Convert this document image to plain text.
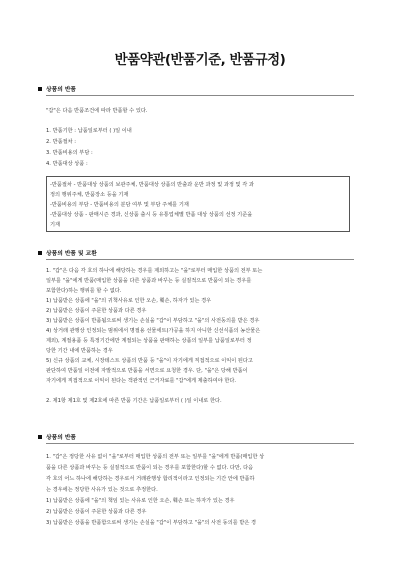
반품약관(반품기준, 반품규정)
상품의 반품
"갑"은 다음 반품조건에 따라 반품할 수 있다.
1. 반품기한 : 납품일로부터 ( )일 이내
2. 반품절차 :
3. 반품비용의 부담 :
4. 반품대상 상품 :
-반품절차 - 반품대상 상품의 보관주체, 반품대상 상품의 반출과 운반 과정 및 과정 및 각 과
정의 행위주체, 반품장소 등을 기재
-반품비용의 부담 - 반품비용의 분담 여부 및 부담 주체를 기재
-반품대상 상품 - 판매시즌 경과, 신상품 출시 등 유통업체별 반품 대상 상품의 선정 기준을
기재
상품의 반품 및 교환
1. "갑"은 다음 각 호의 하나에 해당하는 경우를 제외하고는 "을"로부터 매입한 상품의 전부 또는
일부를 "을"에게 반품(매입한 상품을 다른 상품과 바꾸는 등 실질적으로 반품이 되는 경우를
포함한다)하는 행위를 할 수 없다.
1) 납품받은 상품에 "을"의 귀책사유로 인한 오손, 훼손, 하자가 있는 경우
2) 납품받은 상품이 주문한 상품과 다른 경우
3) 납품받은 상품이 반품됨으로써 생기는 손실을 "갑"이 부담하고 "을"의 사전동의를 받은 경우
4) 상거래 관행상 인정되는 범위에서 명절용 선물세트(가공을 하지 아니한 신선식품의 농산물은
제외), 계절용품 등 특정기간에만 계절되는 상품을 판매하는 상품의 일부를 납품일로부터 정
당한 기간 내에 반품하는 경우
5) 신규 상품의 교체, 시장테스트 상품의 반품 등 "을"이 자기에게 직접적으로 이익이 된다고
판단하여 반품일 이전에 자발적으로 반품을 서면으로 요청한 경우. 단, "을"은 당해 반품이
자기에게 직접적으로 이익이 된다는 객관적인 근거자료를 "갑"에게 제출하여야 한다.
2. 제1항 제1호 및 제2호에 따른 반품 기간은 납품일로부터 ( )일 이내로 한다.
상품의 반품
1. "갑"은 정당한 사유 없이 "을"로부터 매입한 상품의 전부 또는 일부를 "을"에게 반품(매입한 상
품을 다른 상품과 바꾸는 등 실질적으로 반품이 되는 경우를 포함한다)할 수 없다. 다만, 다음
각 호의 어느 하나에 해당하는 경우로서 거래관행상 합리적이라고 인정되는 기간 안에 반품하
는 경우에는 정당한 사유가 있는 것으로 추정한다.
1) 납품받은 상품에 "을"의 책임 있는 사유로 인한 오손, 훼손 또는 하자가 있는 경우
2) 납품받은 상품이 주문한 상품과 다른 경우
3) 납품받은 상품을 반품함으로써 생기는 손실을 "갑"이 부담하고 "을"의 사전 동의를 받은 경
